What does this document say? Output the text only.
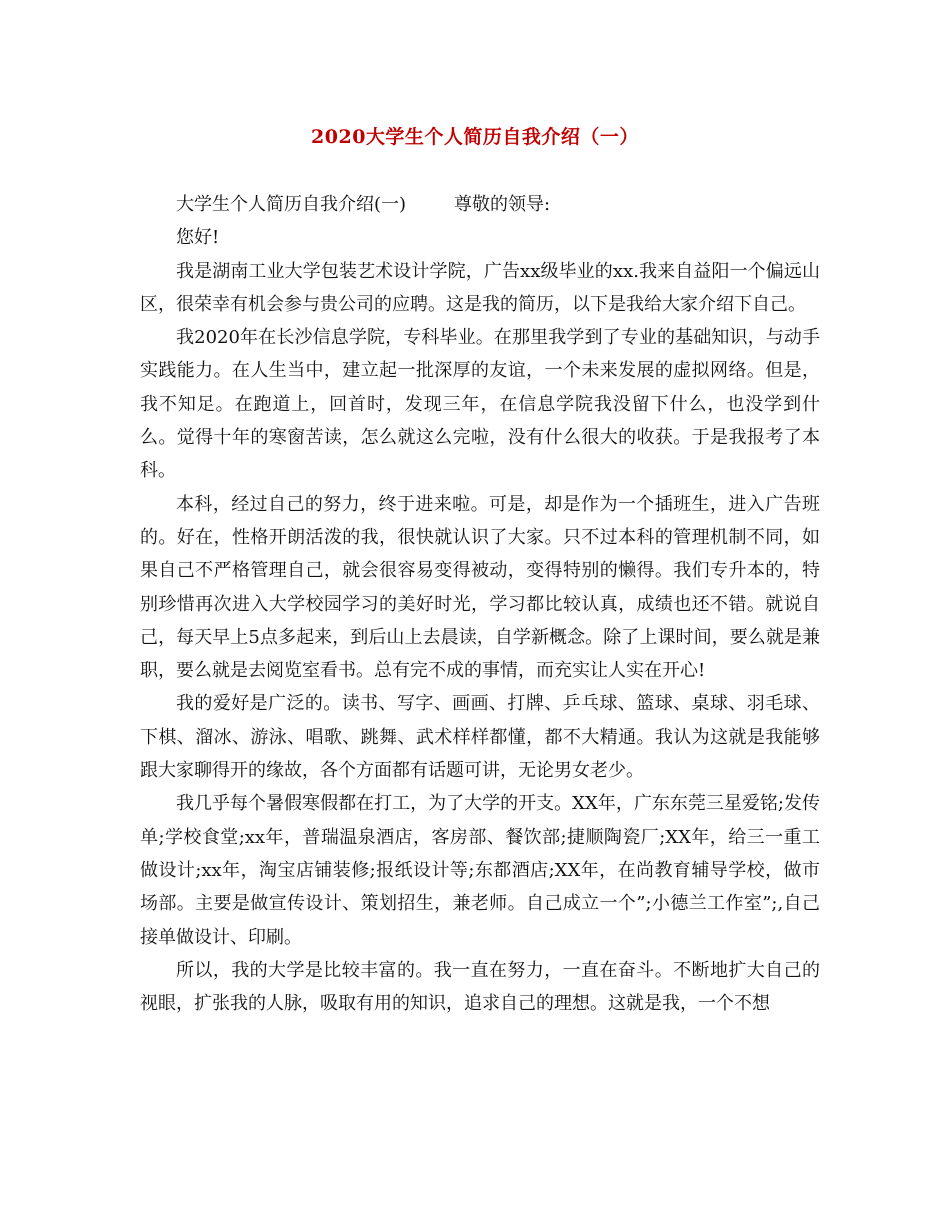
2020大学生个人简历自我介绍（一）
大学生个人简历自我介绍(一)	尊敬的领导:

您好!

我是湖南工业大学包装艺术设计学院，广告xx级毕业的xx.我来自益阳一个偏远山区，很荣幸有机会参与贵公司的应聘。这是我的简历，以下是我给大家介绍下自己。

我2020年在长沙信息学院，专科毕业。在那里我学到了专业的基础知识，与动手实践能力。在人生当中，建立起一批深厚的友谊，一个未来发展的虚拟网络。但是，我不知足。在跑道上，回首时，发现三年，在信息学院我没留下什么，也没学到什么。觉得十年的寒窗苦读，怎么就这么完啦，没有什么很大的收获。于是我报考了本科。

本科，经过自己的努力，终于进来啦。可是，却是作为一个插班生，进入广告班的。好在，性格开朗活泼的我，很快就认识了大家。只不过本科的管理机制不同，如果自己不严格管理自己，就会很容易变得被动，变得特别的懒得。我们专升本的，特别珍惜再次进入大学校园学习的美好时光，学习都比较认真，成绩也还不错。就说自己，每天早上5点多起来，到后山上去晨读，自学新概念。除了上课时间，要么就是兼职，要么就是去阅览室看书。总有完不成的事情，而充实让人实在开心!

我的爱好是广泛的。读书、写字、画画、打牌、乒乓球、篮球、桌球、羽毛球、下棋、溜冰、游泳、唱歌、跳舞、武术样样都懂，都不大精通。我认为这就是我能够跟大家聊得开的缘故，各个方面都有话题可讲，无论男女老少。

我几乎每个暑假寒假都在打工，为了大学的开支。XX年，广东东莞三星爱铭;发传单;学校食堂;xx年，普瑞温泉酒店，客房部、餐饮部;捷顺陶瓷厂;XX年，给三一重工做设计;xx年，淘宝店铺装修;报纸设计等;东都酒店;XX年，在尚教育辅导学校，做市场部。主要是做宣传设计、策划招生，兼老师。自己成立一个”;小德兰工作室”;,自己接单做设计、印刷。

所以，我的大学是比较丰富的。我一直在努力，一直在奋斗。不断地扩大自己的视眼，扩张我的人脉，吸取有用的知识，追求自己的理想。这就是我，一个不想
